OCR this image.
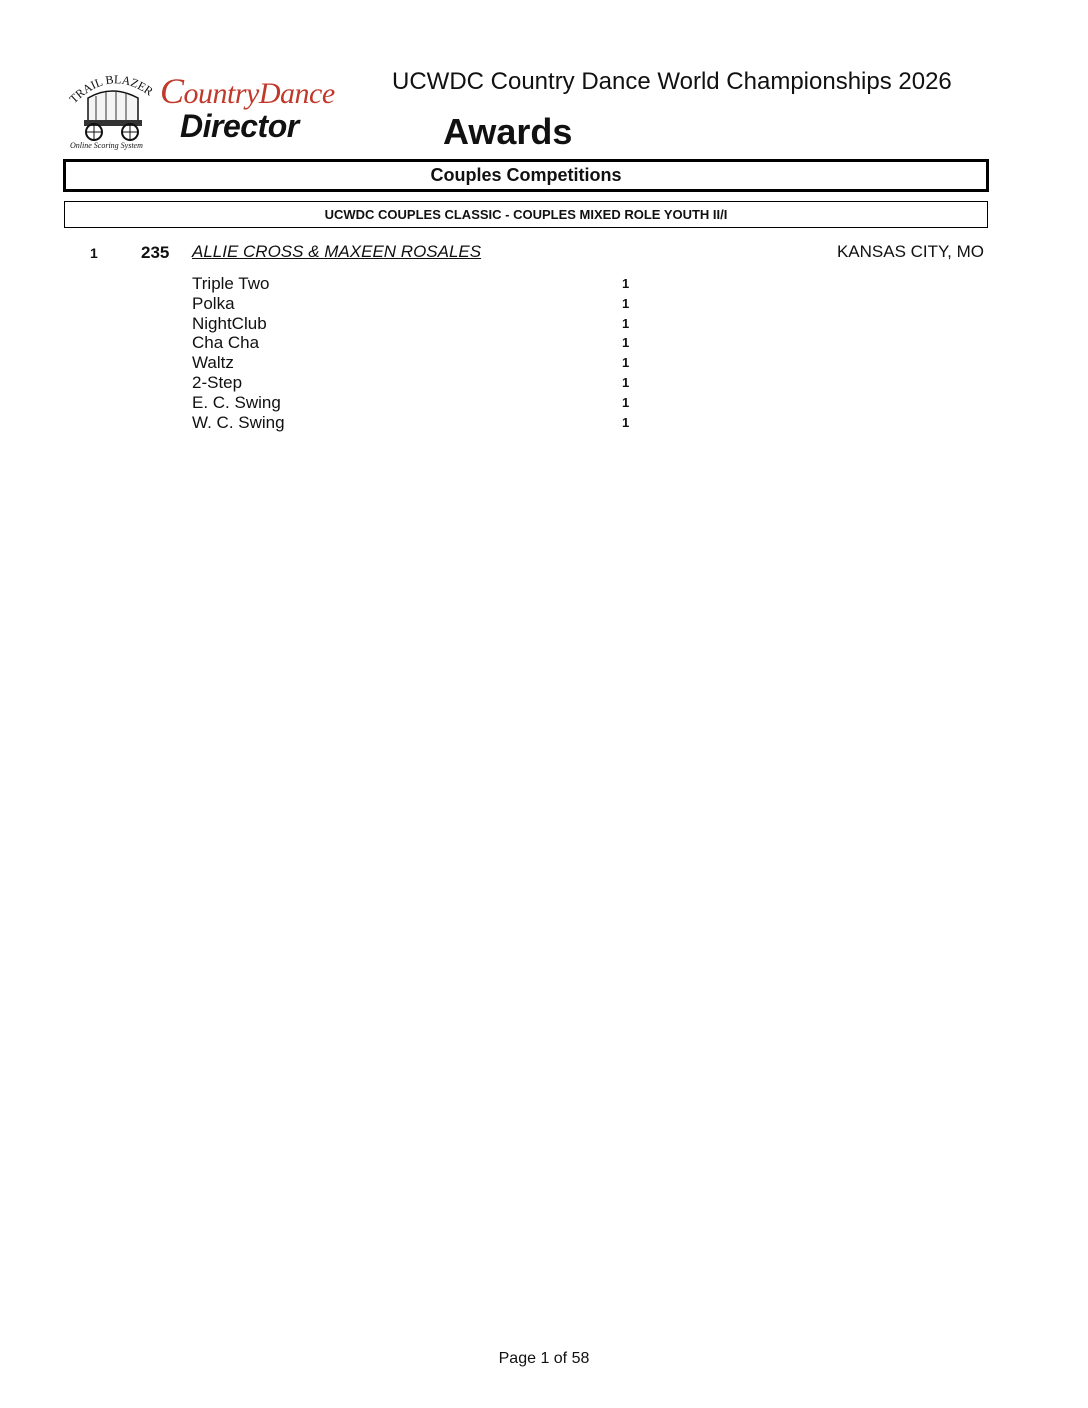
TRAIL BLAZER
Online Scoring System
CountryDance
Director
UCWDC Country Dance World Championships 2026
Awards
Couples Competitions
UCWDC COUPLES CLASSIC - COUPLES MIXED ROLE YOUTH II/I
1	235 ALLIE CROSS & MAXEEN ROSALES	KANSAS CITY, MO
Triple Two	1
Polka	1
NightClub	1
Cha Cha	1
Waltz	1
2-Step	1
E. C. Swing	1
W. C. Swing	1
Page 1 of 58
